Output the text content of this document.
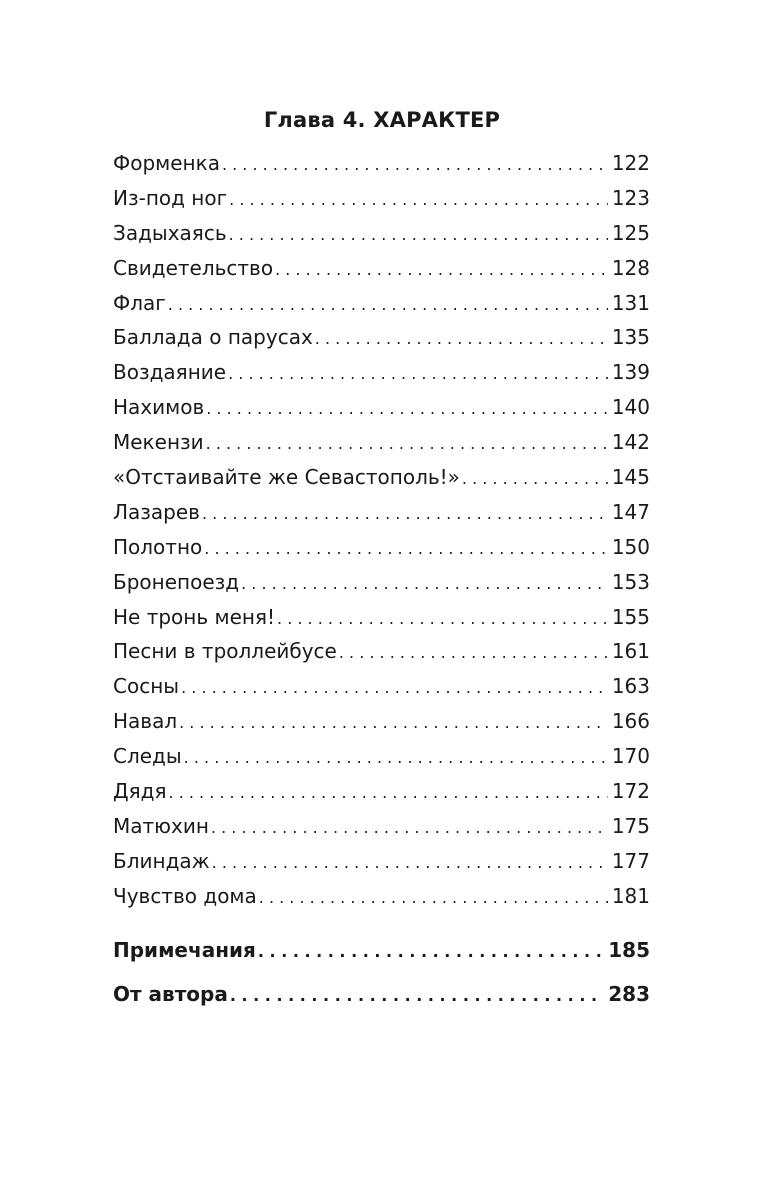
Глава 4. ХАРАКТЕР
Форменка . . .	122
Из-под ног . . .	123
Задыхаясь . . .	125
Свидетельство . . .	128
Флаг . . .	131
Баллада о парусах . . .	135
Воздаяние . . .	139
Нахимов . . .	140
Мекензи . . .	142
«Отстаивайте же Севастополь!» . . .	145
Лазарев . . .	147
Полотно . . .	150
Бронепоезд . . .	153
Не тронь меня! . . .	155
Песни в троллейбусе . . .	161
Сосны . . .	163
Навал . . .	166
Следы . . .	170
Дядя . . .	172
Матюхин . . .	175
Блиндаж . . .	177
Чувство дома . . .	181
Примечания . . .	185
От автора . . .	283
